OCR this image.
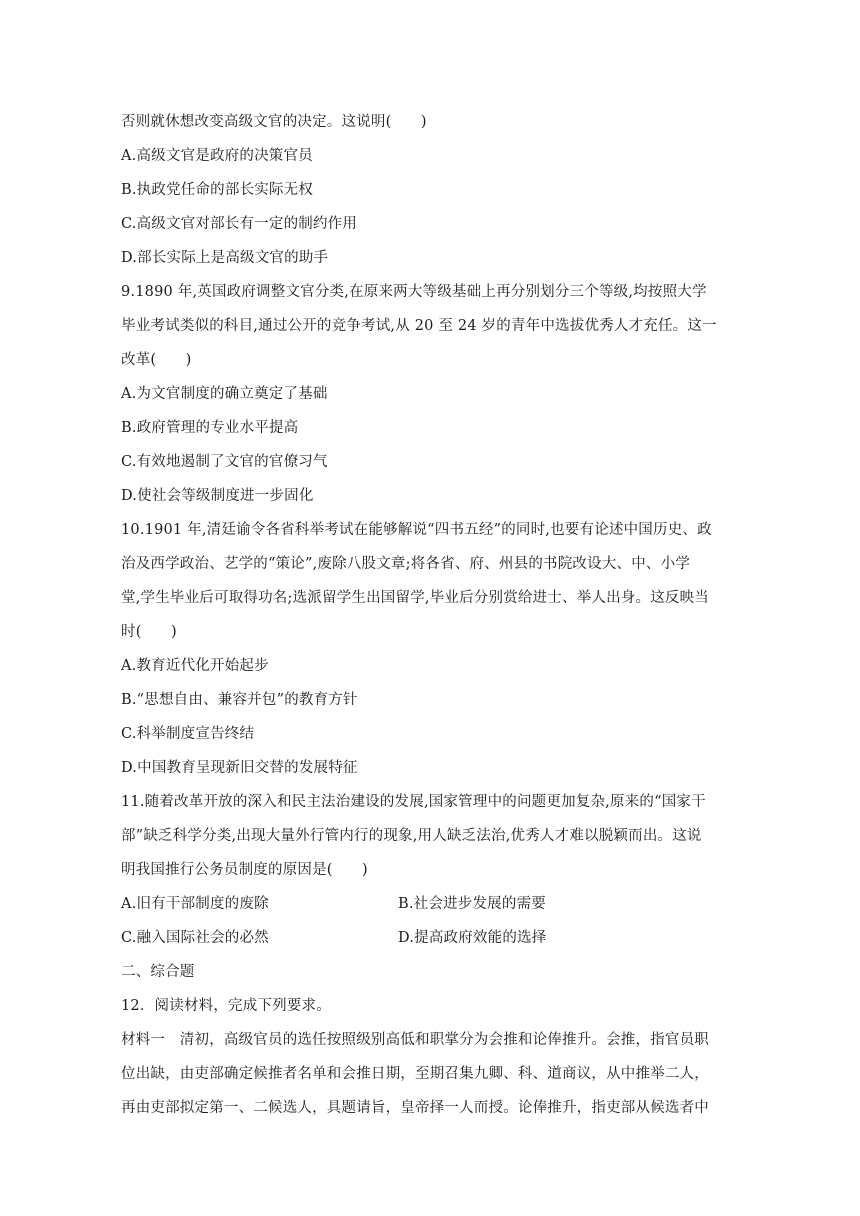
否则就休想改变高级文官的决定。这说明(　　)
A.高级文官是政府的决策官员
B.执政党任命的部长实际无权
C.高级文官对部长有一定的制约作用
D.部长实际上是高级文官的助手
9.1890 年,英国政府调整文官分类,在原来两大等级基础上再分别划分三个等级,均按照大学
毕业考试类似的科目,通过公开的竞争考试,从 20 至 24 岁的青年中选拔优秀人才充任。这一
改革(　　)
A.为文官制度的确立奠定了基础
B.政府管理的专业水平提高
C.有效地遏制了文官的官僚习气
D.使社会等级制度进一步固化
10.1901 年,清廷谕令各省科举考试在能够解说“四书五经”的同时,也要有论述中国历史、政
治及西学政治、艺学的“策论”,废除八股文章;将各省、府、州县的书院改设大、中、小学
堂,学生毕业后可取得功名;选派留学生出国留学,毕业后分别赏给进士、举人出身。这反映当
时(　　)
A.教育近代化开始起步
B.“思想自由、兼容并包”的教育方针
C.科举制度宣告终结
D.中国教育呈现新旧交替的发展特征
11.随着改革开放的深入和民主法治建设的发展,国家管理中的问题更加复杂,原来的“国家干
部”缺乏科学分类,出现大量外行管内行的现象,用人缺乏法治,优秀人才难以脱颖而出。这说
明我国推行公务员制度的原因是(　　)
A.旧有干部制度的废除	B.社会进步发展的需要
C.融入国际社会的必然	D.提高政府效能的选择
二、综合题
12．阅读材料，完成下列要求。
材料一　清初，高级官员的选任按照级别高低和职掌分为会推和论俸推升。会推，指官员职
位出缺，由吏部确定候推者名单和会推日期，至期召集九卿、科、道商议，从中推举二人，
再由吏部拟定第一、二候选人，具题请旨，皇帝择一人而授。论俸推升，指吏部从候选者中
